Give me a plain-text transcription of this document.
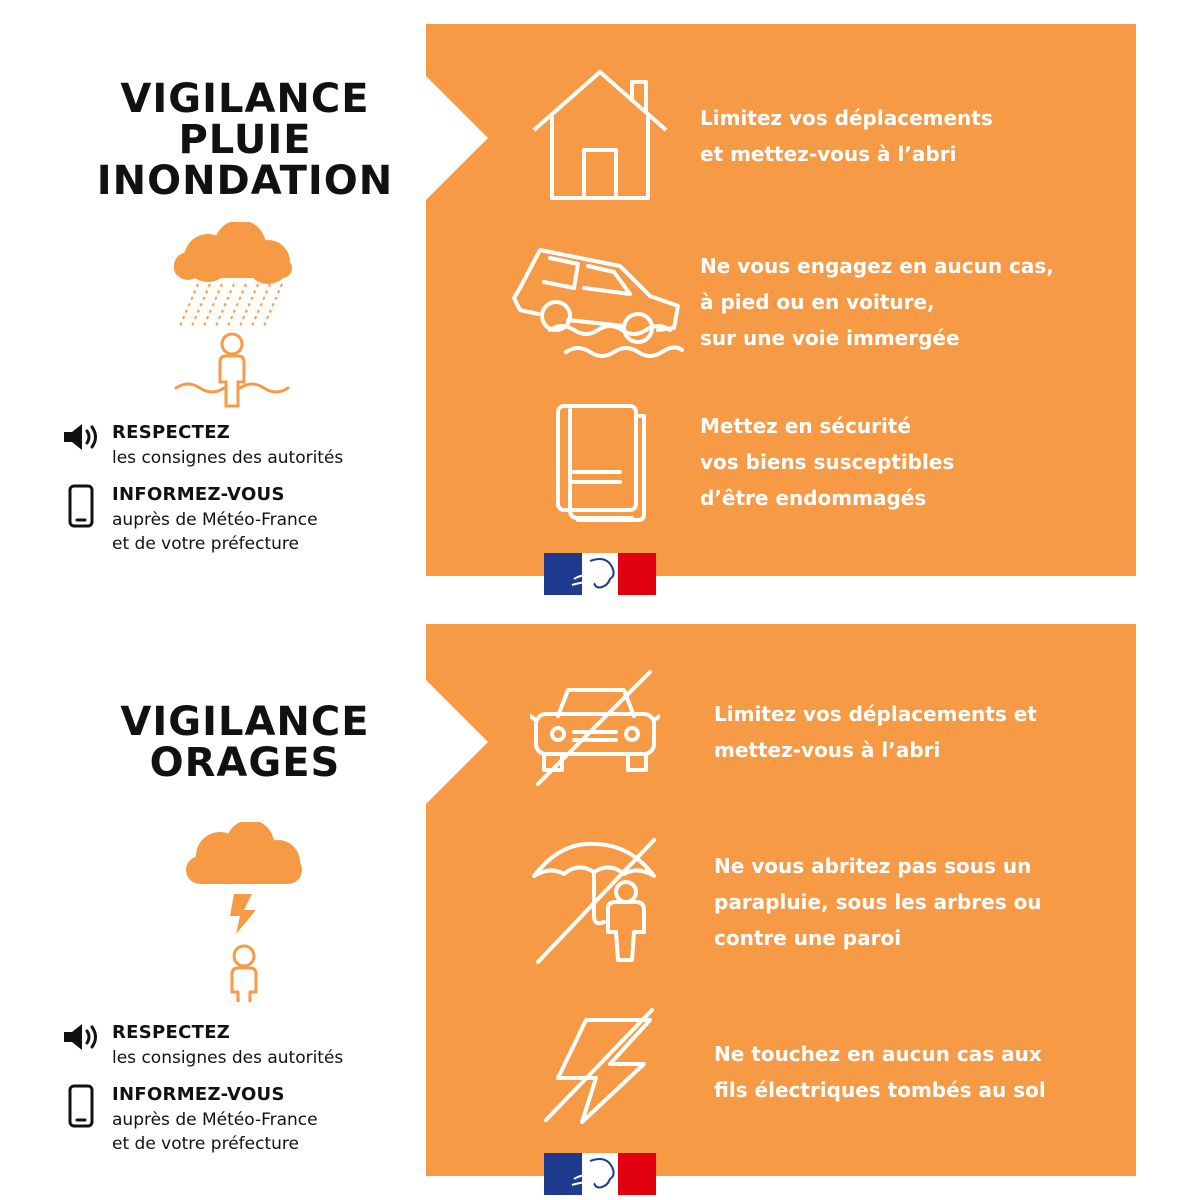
VIGILANCE
PLUIE
INONDATION
RESPECTEZ
les consignes des autorités
INFORMEZ-VOUS
auprès de Météo-France
et de votre préfecture
Limitez vos déplacements
et mettez-vous à l’abri
Ne vous engagez en aucun cas,
à pied ou en voiture,
sur une voie immergée
Mettez en sécurité
vos biens susceptibles
d’être endommagés
VIGILANCE
ORAGES
RESPECTEZ
les consignes des autorités
INFORMEZ-VOUS
auprès de Météo-France
et de votre préfecture
Limitez vos déplacements et
mettez-vous à l’abri
Ne vous abritez pas sous un
parapluie, sous les arbres ou
contre une paroi
Ne touchez en aucun cas aux
fils électriques tombés au sol
